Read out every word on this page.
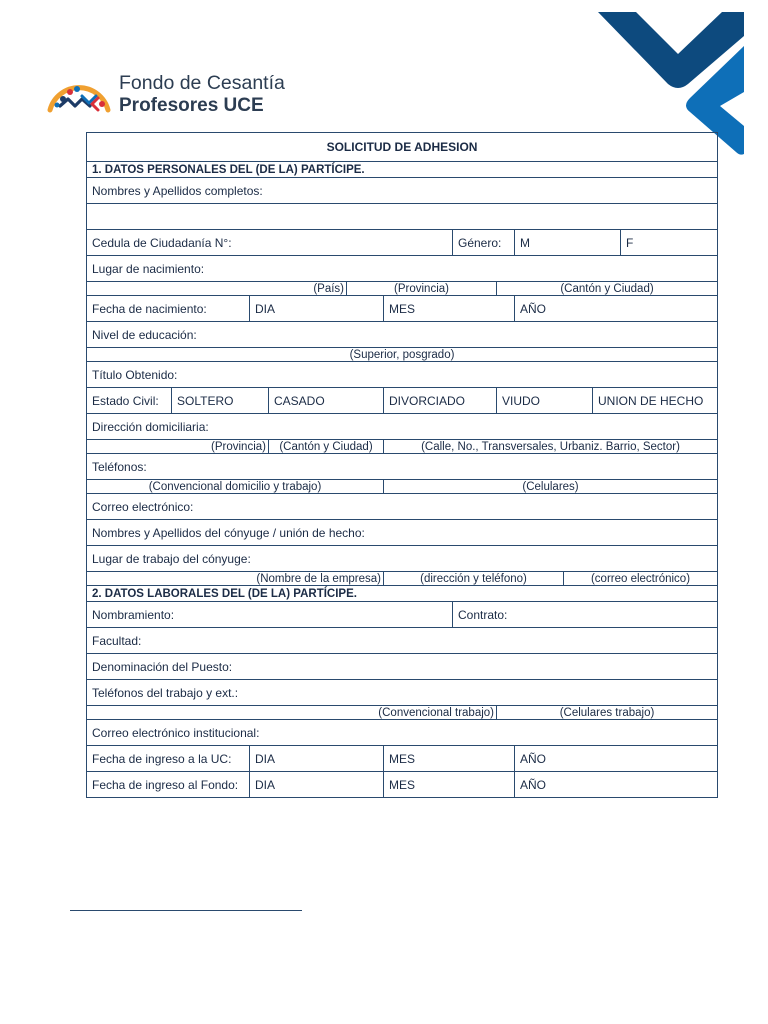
Fondo de Cesantía
Profesores UCE
SOLICITUD DE ADHESION											
1. DATOS PERSONALES DEL (DE LA) PARTÍCIPE.											
Nombres y Apellidos completos:											

Cedula de Ciudadanía N°:						Género:		M			F
Lugar de nacimiento:											
(País)				(Provincia)			(Cantón y Ciudad)				
Fecha de nacimiento:		DIA			MES			AÑO			
Nivel de educación:											
(Superior, posgrado)											
Título Obtenido:											
Estado Civil:	SOLTERO		CASADO		DIVORCIADO		VIUDO			UNION DE HECHO	
Dirección domiciliaria:											
(Provincia)			(Cantón y Ciudad)		(Calle, No., Transversales, Urbaniz. Barrio, Sector)						
Teléfonos:											
(Convencional domicilio y trabajo)					(Celulares)						
Correo electrónico:											
Nombres y Apellidos del cónyuge / unión de hecho:											
Lugar de trabajo del cónyuge:											
(Nombre de la empresa)					(dirección y teléfono)				(correo electrónico)		
2. DATOS LABORALES DEL (DE LA) PARTÍCIPE.											
Nombramiento:						Contrato:					
Facultad:											
Denominación del Puesto:											
Teléfonos del trabajo y ext.:											
(Convencional trabajo)							(Celulares trabajo)				
Correo electrónico institucional:											
Fecha de ingreso a la UC:		DIA			MES			AÑO			
Fecha de ingreso al Fondo:		DIA			MES			AÑO			
